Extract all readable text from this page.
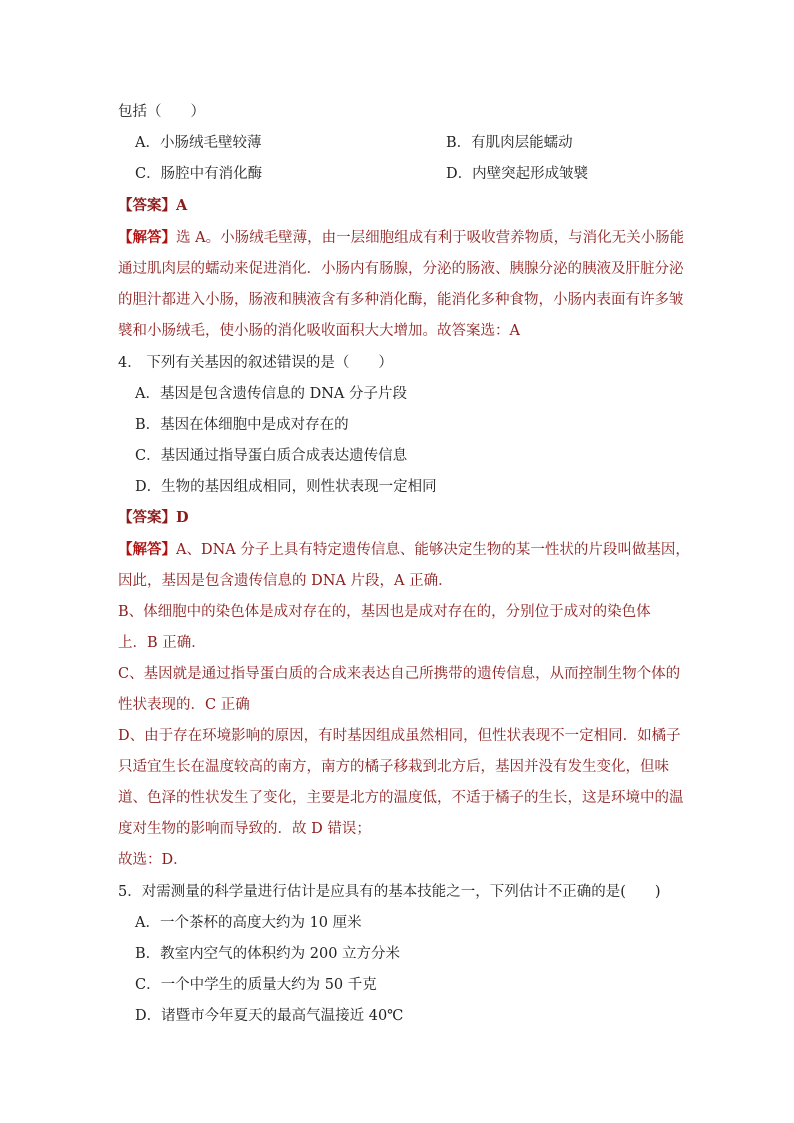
包括（　　）
A．小肠绒毛壁较薄	B．有肌肉层能蠕动
C．肠腔中有消化酶	D．内壁突起形成皱襞
【答案】A
【解答】选 A。小肠绒毛壁薄，由一层细胞组成有利于吸收营养物质，与消化无关小肠能
通过肌肉层的蠕动来促进消化．小肠内有肠腺，分泌的肠液、胰腺分泌的胰液及肝脏分泌
的胆汁都进入小肠，肠液和胰液含有多种消化酶，能消化多种食物，小肠内表面有许多皱
襞和小肠绒毛，使小肠的消化吸收面积大大增加。故答案选：A
4． 下列有关基因的叙述错误的是（　　）
A．基因是包含遗传信息的 DNA 分子片段
B．基因在体细胞中是成对存在的
C．基因通过指导蛋白质合成表达遗传信息
D．生物的基因组成相同，则性状表现一定相同
【答案】D
【解答】A、DNA 分子上具有特定遗传信息、能够决定生物的某一性状的片段叫做基因，
因此，基因是包含遗传信息的 DNA 片段，A 正确．
B、体细胞中的染色体是成对存在的，基因也是成对存在的，分别位于成对的染色体
上．B 正确．
C、基因就是通过指导蛋白质的合成来表达自己所携带的遗传信息，从而控制生物个体的
性状表现的．C 正确
D、由于存在环境影响的原因，有时基因组成虽然相同，但性状表现不一定相同．如橘子
只适宜生长在温度较高的南方，南方的橘子移栽到北方后，基因并没有发生变化，但味
道、色泽的性状发生了变化，主要是北方的温度低，不适于橘子的生长，这是环境中的温
度对生物的影响而导致的．故 D 错误；
故选：D．
5．对需测量的科学量进行估计是应具有的基本技能之一，下列估计不正确的是(　　)
A．一个茶杯的高度大约为 10 厘米
B．教室内空气的体积约为 200 立方分米
C．一个中学生的质量大约为 50 千克
D．诸暨市今年夏天的最高气温接近 40℃
